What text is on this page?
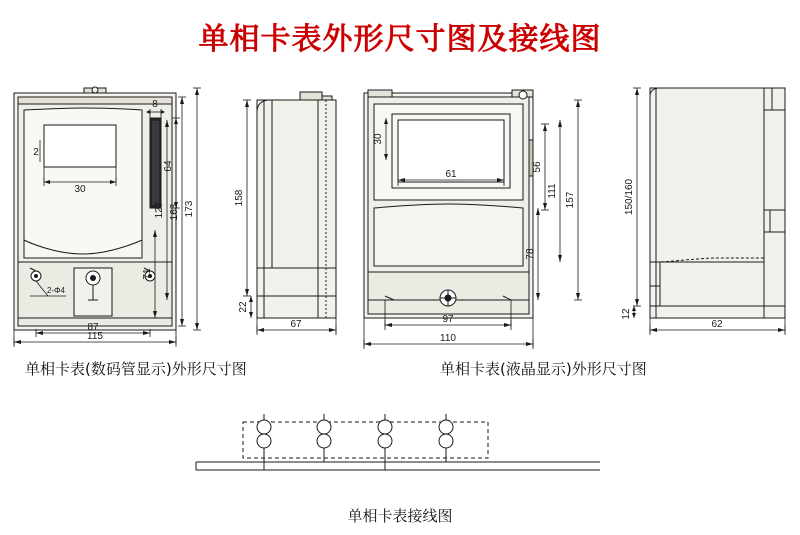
单相卡表外形尺寸图及接线图
8
2
30
64
173
163
127
71
2-Φ4
87
115
158
22
67
30
61
56
111
157
78
97
110
150/160
12
62
单相卡表(数码管显示)外形尺寸图	单相卡表(液晶显示)外形尺寸图
单相卡表接线图
